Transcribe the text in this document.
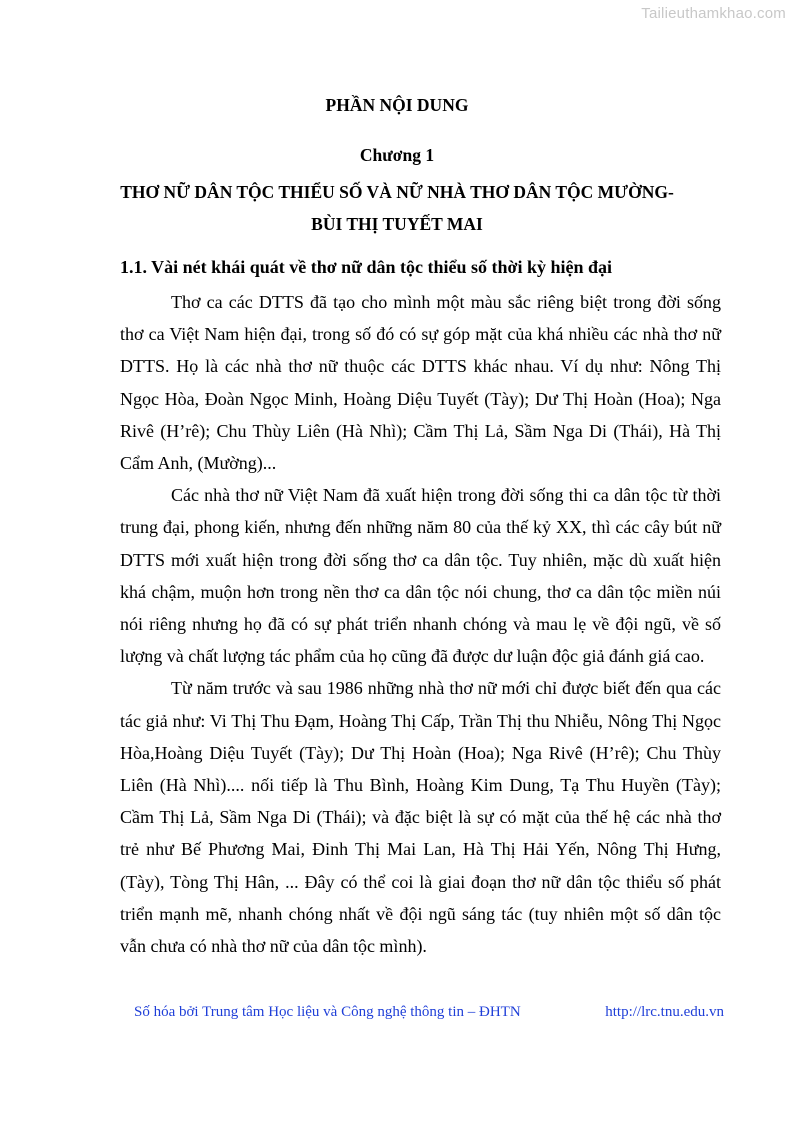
Tailieuthamkhao.com
PHẦN NỘI DUNG
Chương 1
THƠ NỮ DÂN TỘC THIỂU SỐ VÀ NỮ NHÀ THƠ DÂN TỘC MƯỜNG-
BÙI THỊ TUYẾT MAI
1.1. Vài nét khái quát về thơ nữ dân tộc thiểu số thời kỳ hiện đại

Thơ ca các DTTS đã tạo cho mình một màu sắc riêng biệt trong đời sống thơ ca Việt Nam hiện đại, trong số đó có sự góp mặt của khá nhiều các nhà thơ nữ DTTS. Họ là các nhà thơ nữ thuộc các DTTS khác nhau. Ví dụ như: Nông Thị Ngọc Hòa, Đoàn Ngọc Minh, Hoàng Diệu Tuyết (Tày); Dư Thị Hoàn (Hoa); Nga Rivê (H’rê); Chu Thùy Liên (Hà Nhì); Cầm Thị Lả, Sầm Nga Di (Thái), Hà Thị Cẩm Anh, (Mường)...

Các nhà thơ nữ Việt Nam đã xuất hiện trong đời sống thi ca dân tộc từ thời trung đại, phong kiến, nhưng đến những năm 80 của thế kỷ XX, thì các cây bút nữ DTTS mới xuất hiện trong đời sống thơ ca dân tộc. Tuy nhiên, mặc dù xuất hiện khá chậm, muộn hơn trong nền thơ ca dân tộc nói chung, thơ ca dân tộc miền núi nói riêng nhưng họ đã có sự phát triển nhanh chóng và mau lẹ về đội ngũ, về số lượng và chất lượng tác phẩm của họ cũng đã được dư luận độc giả đánh giá cao.

Từ năm trước và sau 1986 những nhà thơ nữ mới chỉ được biết đến qua các tác giả như: Vi Thị Thu Đạm, Hoàng Thị Cấp, Trần Thị thu Nhiễu, Nông Thị Ngọc Hòa,Hoàng Diệu Tuyết (Tày); Dư Thị Hoàn (Hoa); Nga Rivê (H’rê); Chu Thùy Liên (Hà Nhì).... nối tiếp là Thu Bình, Hoàng Kim Dung, Tạ Thu Huyền (Tày); Cầm Thị Lả, Sầm Nga Di (Thái); và đặc biệt là sự có mặt của thế hệ các nhà thơ trẻ như Bế Phương Mai, Đinh Thị Mai Lan, Hà Thị Hải Yến, Nông Thị Hưng, (Tày), Tòng Thị Hân, ... Đây có thể coi là giai đoạn thơ nữ dân tộc thiểu số phát triển mạnh mẽ, nhanh chóng nhất về đội ngũ sáng tác (tuy nhiên một số dân tộc vẫn chưa có nhà thơ nữ của dân tộc mình).

Số hóa bởi Trung tâm Học liệu và Công nghệ thông tin – ĐHTN	http://lrc.tnu.edu.vn
